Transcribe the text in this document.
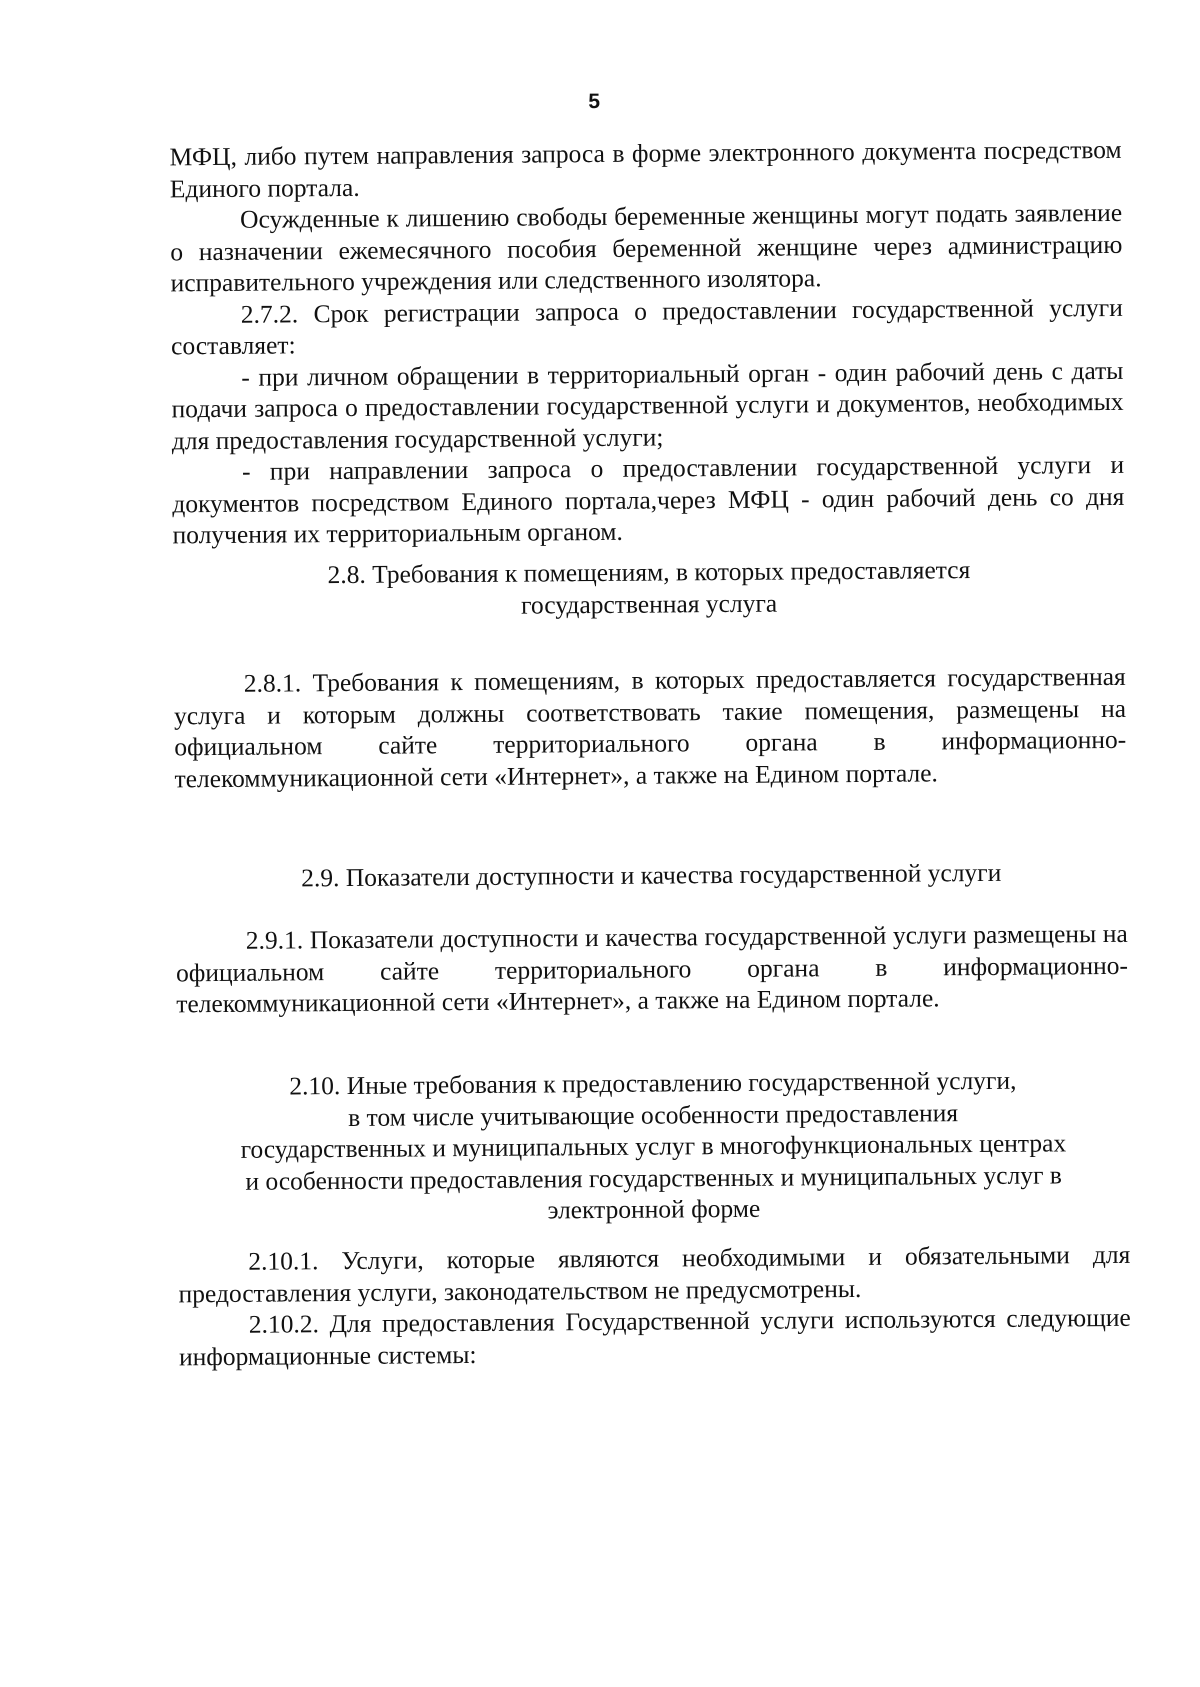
5

МФЦ, либо путем направления запроса в форме электронного документа посредством Единого портала.

Осужденные к лишению свободы беременные женщины могут подать заявление о назначении ежемесячного пособия беременной женщине через администрацию исправительного учреждения или следственного изолятора.

2.7.2. Срок регистрации запроса о предоставлении государственной услуги составляет:

- при личном обращении в территориальный орган - один рабочий день с даты подачи запроса о предоставлении государственной услуги и документов, необходимых для предоставления государственной услуги;

- при направлении запроса о предоставлении государственной услуги и документов посредством Единого портала,через МФЦ - один рабочий день со дня получения их территориальным органом.

2.8. Требования к помещениям, в которых предоставляется

государственная услуга

2.8.1. Требования к помещениям, в которых предоставляется государственная услуга и которым должны соответствовать такие помещения, размещены на официальном сайте территориального органа в информационно-телекоммуникационной сети «Интернет», а также на Едином портале.

2.9. Показатели доступности и качества государственной услуги

2.9.1. Показатели доступности и качества государственной услуги размещены на официальном сайте территориального органа в информационно-телекоммуникационной сети «Интернет», а также на Едином портале.

2.10. Иные требования к предоставлению государственной услуги,

в том числе учитывающие особенности предоставления

государственных и муниципальных услуг в многофункциональных центрах

и особенности предоставления государственных и муниципальных услуг в

электронной форме

2.10.1. Услуги, которые являются необходимыми и обязательными для предоставления услуги, законодательством не предусмотрены.

2.10.2. Для предоставления Государственной услуги используются следующие информационные системы:
